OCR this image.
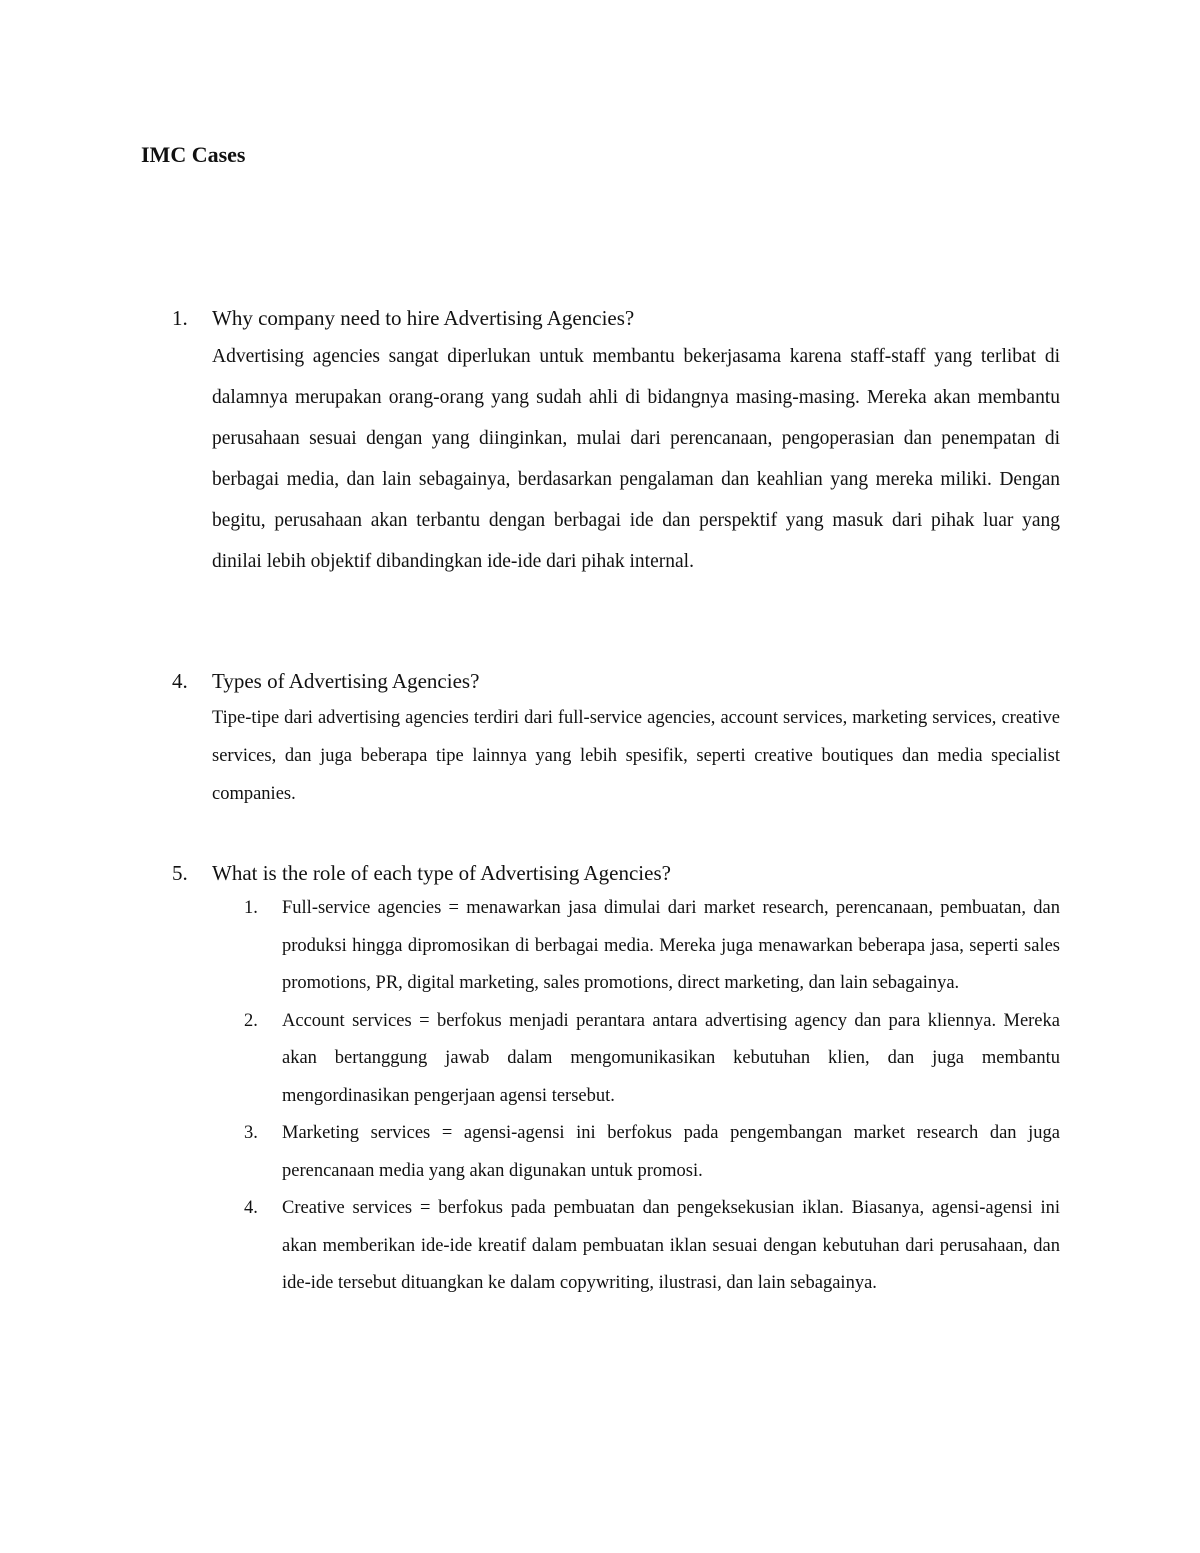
IMC Cases
1.	Why company need to hire Advertising Agencies?

Advertising agencies sangat diperlukan untuk membantu bekerjasama karena staff-staff yang terlibat di dalamnya merupakan orang-orang yang sudah ahli di bidangnya masing-masing. Mereka akan membantu perusahaan sesuai dengan yang diinginkan, mulai dari perencanaan, pengoperasian dan penempatan di berbagai media, dan lain sebagainya, berdasarkan pengalaman dan keahlian yang mereka miliki. Dengan begitu, perusahaan akan terbantu dengan berbagai ide dan perspektif yang masuk dari pihak luar yang dinilai lebih objektif dibandingkan ide-ide dari pihak internal.

4.	Types of Advertising Agencies?

Tipe-tipe dari advertising agencies terdiri dari full-service agencies, account services, marketing services, creative services, dan juga beberapa tipe lainnya yang lebih spesifik, seperti creative boutiques dan media specialist companies.

5.	What is the role of each type of Advertising Agencies?
1.	Full-service agencies = menawarkan jasa dimulai dari market research, perencanaan, pembuatan, dan produksi hingga dipromosikan di berbagai media. Mereka juga menawarkan beberapa jasa, seperti sales promotions, PR, digital marketing, sales promotions, direct marketing, dan lain sebagainya.
2.	Account services = berfokus menjadi perantara antara advertising agency dan para kliennya. Mereka akan bertanggung jawab dalam mengomunikasikan kebutuhan klien, dan juga membantu mengordinasikan pengerjaan agensi tersebut.
3.	Marketing services = agensi-agensi ini berfokus pada pengembangan market research dan juga perencanaan media yang akan digunakan untuk promosi.
4.	Creative services = berfokus pada pembuatan dan pengeksekusian iklan. Biasanya, agensi-agensi ini akan memberikan ide-ide kreatif dalam pembuatan iklan sesuai dengan kebutuhan dari perusahaan, dan ide-ide tersebut dituangkan ke dalam copywriting, ilustrasi, dan lain sebagainya.
